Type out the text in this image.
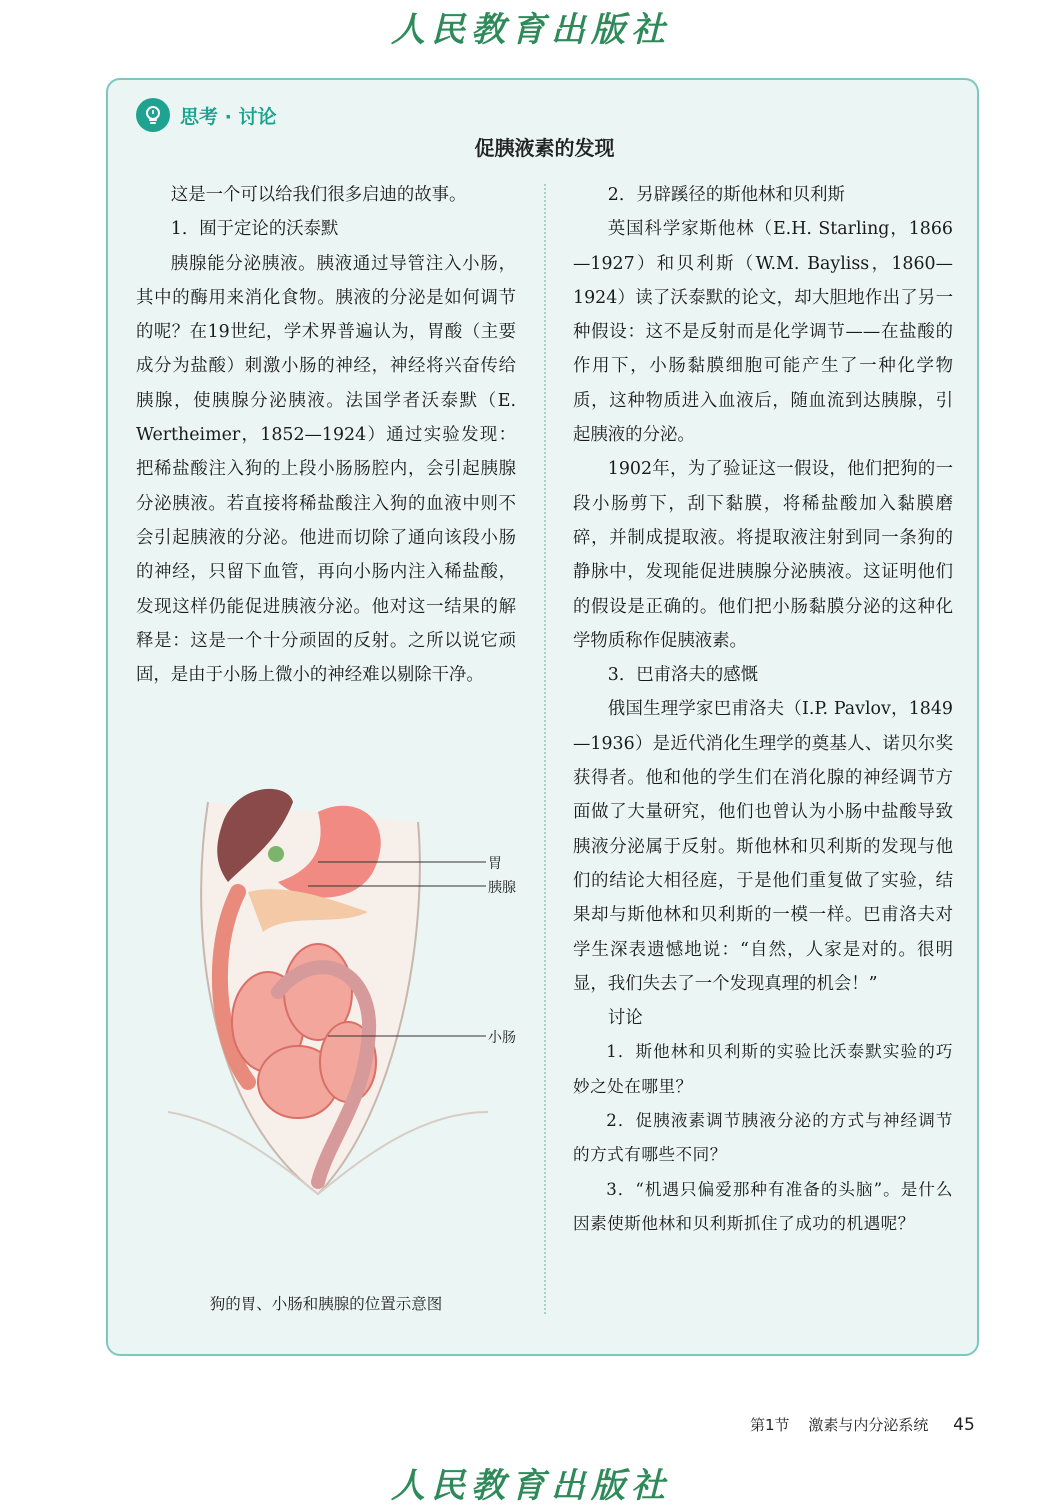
人民教育出版社
思考 · 讨论
促胰液素的发现

这是一个可以给我们很多启迪的故事。

1．囿于定论的沃泰默

胰腺能分泌胰液。胰液通过导管注入小肠，其中的酶用来消化食物。胰液的分泌是如何调节的呢？在19世纪，学术界普遍认为，胃酸（主要成分为盐酸）刺激小肠的神经，神经将兴奋传给胰腺，使胰腺分泌胰液。法国学者沃泰默（E. Wertheimer，1852—1924）通过实验发现：把稀盐酸注入狗的上段小肠肠腔内，会引起胰腺分泌胰液。若直接将稀盐酸注入狗的血液中则不会引起胰液的分泌。他进而切除了通向该段小肠的神经，只留下血管，再向小肠内注入稀盐酸，发现这样仍能促进胰液分泌。他对这一结果的解释是：这是一个十分顽固的反射。之所以说它顽固，是由于小肠上微小的神经难以剔除干净。

胃
胰腺
小肠
狗的胃、小肠和胰腺的位置示意图

2．另辟蹊径的斯他林和贝利斯

英国科学家斯他林（E.H. Starling，1866—1927）和贝利斯（W.M. Bayliss，1860—1924）读了沃泰默的论文，却大胆地作出了另一种假设：这不是反射而是化学调节——在盐酸的作用下，小肠黏膜细胞可能产生了一种化学物质，这种物质进入血液后，随血流到达胰腺，引起胰液的分泌。

1902年，为了验证这一假设，他们把狗的一段小肠剪下，刮下黏膜，将稀盐酸加入黏膜磨碎，并制成提取液。将提取液注射到同一条狗的静脉中，发现能促进胰腺分泌胰液。这证明他们的假设是正确的。他们把小肠黏膜分泌的这种化学物质称作促胰液素。

3．巴甫洛夫的感慨

俄国生理学家巴甫洛夫（I.P. Pavlov，1849—1936）是近代消化生理学的奠基人、诺贝尔奖获得者。他和他的学生们在消化腺的神经调节方面做了大量研究，他们也曾认为小肠中盐酸导致胰液分泌属于反射。斯他林和贝利斯的发现与他们的结论大相径庭，于是他们重复做了实验，结果却与斯他林和贝利斯的一模一样。巴甫洛夫对学生深表遗憾地说：“自然，人家是对的。很明显，我们失去了一个发现真理的机会！”

讨论

1．斯他林和贝利斯的实验比沃泰默实验的巧妙之处在哪里？

2．促胰液素调节胰液分泌的方式与神经调节的方式有哪些不同？

3．“机遇只偏爱那种有准备的头脑”。是什么因素使斯他林和贝利斯抓住了成功的机遇呢？

第1节 激素与内分泌系统 45
人民教育出版社
